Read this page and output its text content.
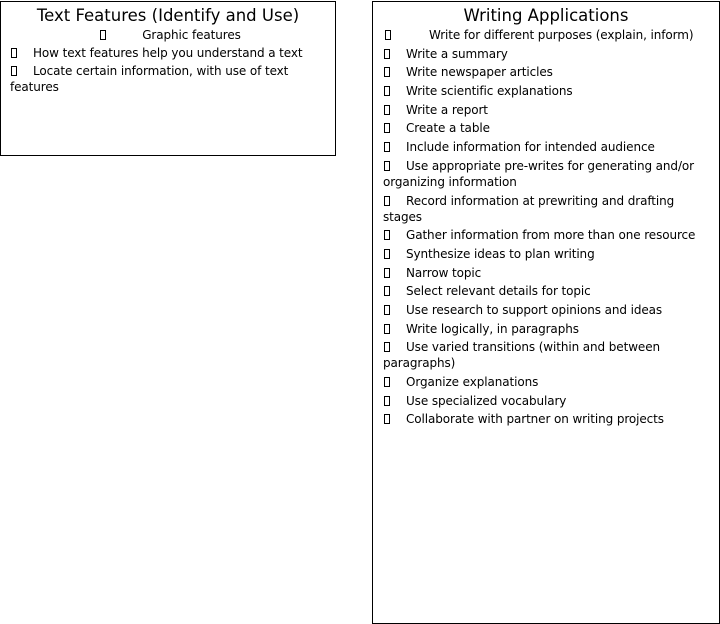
Text Features (Identify and Use)
Graphic features
How text features help you understand a text
Locate certain information, with use of text features
Writing Applications
Write for different purposes (explain, inform)
Write a summary
Write newspaper articles
Write scientific explanations
Write a report
Create a table
Include information for intended audience
Use appropriate pre-writes for generating and/or organizing information
Record information at prewriting and drafting stages
Gather information from more than one resource
Synthesize ideas to plan writing
Narrow topic
Select relevant details for topic
Use research to support opinions and ideas
Write logically, in paragraphs
Use varied transitions (within and between paragraphs)
Organize explanations
Use specialized vocabulary
Collaborate with partner on writing projects
